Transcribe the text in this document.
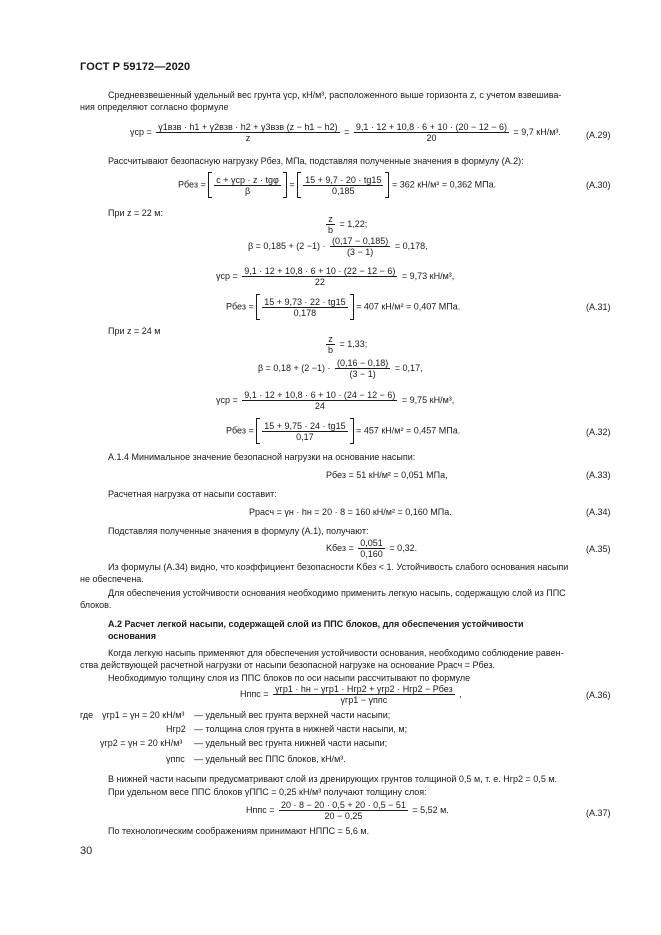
ГОСТ Р 59172—2020
Средневзвешенный удельный вес грунта γср, кН/м³, расположенного выше горизонта z, с учетом взвешива-
ния определяют согласно формуле
$\gamma ср = \frac{\text{γ1взв · h1 + γ2взв · h2 + γ3взв (z − h1 − h2)}}{z} = \frac{9,1 \cdot 12 + 10,8 \cdot 6 + 10 \cdot (20 - 12 - 6)}{20} = 9,7$ кН/м³.	(А.29)
Рассчитывают безопасную нагрузку Pбез, МПа, подставляя полученные значения в формулу (А.2):
Pбез = $\frac{\text{c + γср · z · tgφ}}{\beta} = \frac{15 + 9,7 \cdot 20 \cdot tg15}{0,185} = 362$ кН/м² = 0,362 МПа.	(А.30)
При z = 22 м:
$\frac{z}{b} = 1,22$;
$\beta = 0,185 + (2 -1) \cdot \frac{(0,17 - 0,185)}{(3 - 1)} = 0,178$,
$\gamma ср = \frac{9,1 \cdot 12 + 10,8 \cdot 6 + 10 \cdot (22 - 12 - 6)}{22} = 9,73$ кН/м³,
Pбез = $\frac{15 + 9,73 \cdot 22 \cdot tg15}{0,178} = 407$ кН/м² = 0,407 МПа.	(А.31)
При z = 24 м
$\frac{z}{b} = 1,33$;
$\beta = 0,18 + (2 -1) \cdot \frac{(0,16 - 0,18)}{(3 - 1)} = 0,17$,
$\gamma ср = \frac{9,1 \cdot 12 + 10,8 \cdot 6 + 10 \cdot (24 - 12 - 6)}{24} = 9,75$ кН/м³,
Pбез = $\frac{15 + 9,75 \cdot 24 \cdot tg15}{0,17} = 457$ кН/м² = 0,457 МПа.	(А.32)
А.1.4 Минимальное значение безопасной нагрузки на основание насыпи:
Pбез = 51 кН/м² = 0,051 МПа,	(А.33)
Расчетная нагрузка от насыпи составит:
Pрасч = γн · hн = 20 · 8 = 160 кН/м² = 0,160 МПа.	(А.34)
Подставляя полученные значения в формулу (А.1), получают:
Kбез = $\frac{0,051}{0,160} = 0,32$.	(А.35)
Из формулы (А.34) видно, что коэффициент безопасности Kбез < 1. Устойчивость слабого основания насыпи
не обеспечена.
Для обеспечения устойчивости основания необходимо применить легкую насыпь, содержащую слой из ППС
блоков.
А.2 Расчет легкой насыпи, содержащей слой из ППС блоков, для обеспечения устойчивости
основания
Когда легкую насыпь применяют для обеспечения устойчивости основания, необходимо соблюдение равен-
ства действующей расчетной нагрузки от насыпи безопасной нагрузке на основание Pрасч = Pбез.
Необходимую толщину слоя из ППС блоков по оси насыпи рассчитывают по формуле
Hппс = $\frac{\text{γгр1 · hн − γгр1 · Hгр2 + γгр2 · Hгр2 − Pбез}}{\text{γгр1 − γппс}}$ ,	(А.36)
где γгр1 = γн = 20 кН/м³ — удельный вес грунта верхней части насыпи;
Hгр2 — толщина слоя грунта в нижней части насыпи, м;
γгр2 = γн = 20 кН/м³ — удельный вес грунта нижней части насыпи;
γппс — удельный вес ППС блоков, кН/м³.
В нижней части насыпи предусматривают слой из дренирующих грунтов толщиной 0,5 м, т. е. Hгр2 = 0,5 м.
При удельном весе ППС блоков γППС = 0,25 кН/м³ получают толщину слоя:
Hппс = $\frac{20 \cdot 8 - 20 \cdot 0,5 + 20 \cdot 0,5 - 51}{20 - 0,25} = 5,52$ м.	(А.37)
По технологическим соображениям принимают HППС = 5,6 м.
30
